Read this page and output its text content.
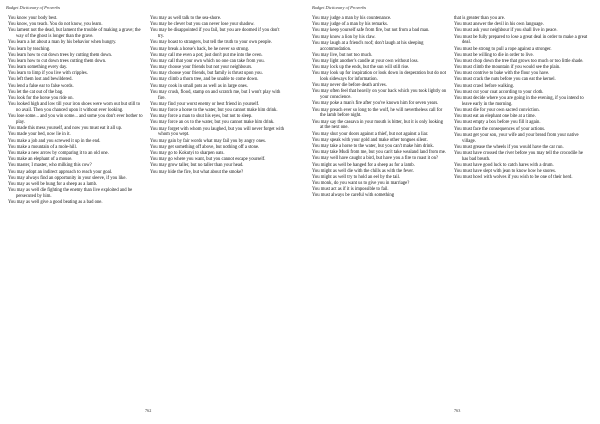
Budget Dictionary of Proverbs

You know your body best.

You know, you teach. You do not know, you learn.

You lament not the dead, but lament the trouble of making a grave; the way of the ghost is longer than the grave.

You learn a lot about a man by his behavior when hungry.

You learn by teaching.

You learn how to cut down trees by cutting them down.

You learn how to cut down trees cutting them down.

You learn something every day.

You learn to limp if you live with cripples.

You left them lost and bewildered.

You lend a false ear to false words.

You let the cat out of the bag.

You look for the horse you ride on.

You looked high and low till your iron shoes were worn out but still to no avail. Then you chanced upon it without ever looking.

You lose some... and you win some... and some you don't ever bother to play.

You made this mess yourself, and now you must eat it all up.

You made your bed, now lie in it.

You make a job and you screwed it up in the end.

You make a mountain of a mole-hill.

You make a new arrow by comparing it to an old one.

You make an elephant of a mouse.

You master, I master, who milking this cow?

You may adopt an indirect approach to reach your goal.

You may always find an opportunity in your sleeve, if you like.

You may as well be hung for a sheep as a lamb.

You may as well die fighting the enemy than live exploited and be persecuted by him.

You may as well give a good beating as a bad one.

You may as well talk to the sea-shore.

You may be clever but you can never lose your shadow.

You may be disappointed if you fail, but you are doomed if you don't try.

You may boast to strangers, but tell the truth to your own people.

You may break a horse's back, be he never so strong.

You may call me even a pot; just don't put me into the oven.

You may call that your own which no one can take from you.

You may choose your friends but not your neighbours.

You may choose your friends, but family is thrust upon you.

You may climb a thorn tree, and be unable to come down.

You may cook in small pots as well as in large ones.

You may crush, flood, stamp on and scratch me, but I won't play with fire.

You may find your worst enemy or best friend in yourself.

You may force a horse to the water, but you cannot make him drink.

You may force a man to shut his eyes, but not to sleep.

You may force an ox to the water, but you cannot make him drink.

You may forget with whom you laughed, but you will never forget with whom you wept.

You may gain by fair words what may fail you by angry ones.

You may get something off above, but nothing off a stone.

You may go to Kokutyi to sharpen oats.

You may go where you want, but you cannot escape yourself.

You may grow taller, but no taller than your head.

You may hide the fire, but what about the smoke?

762
Budget Dictionary of Proverbs

You may judge a man by his countenance.

You may judge of a man by his remarks.

You may keep yourself safe from fire, but not from a bad man.

You may know a lion by his claw.

You may laugh at a friend's roof; don't laugh at his sleeping accommodation.

You may live, but not too much.

You may light another's candle at your own without loss.

You may lock up the ends, but the sun will still rise.

You may look up for inspiration or look down in desperation but do not look sideways for information.

You may never die before death arrives.

You may often feel that heavily on your back which you took lightly on your conscience.

You may poke a man's fire after you've known him for seven years.

You may preach ever so long to the wolf, he will nevertheless call for the lamb before night.

You may say the cassava in your mouth is bitter, but it is only looking at the next one.

You may shut your doors against a thief, but not against a liar.

You may speak with your gold and make other tongues silent.

You may take a horse to the water, but you can't make him drink.

You may take Mudi from me, but you can't take wealand land from me.

You may well have caught a bird, but have you a fire to roast it on?

You might as well be hanged for a sheep as for a lamb.

You might as well die with the chills as with the fever.

You might as well try to hold an eel by the tail.

You monk, do you want us to give you in marriage?

You must act as if it is impossible to fail.

You must always be careful with something

that is greater than you are.

You must answer the devil in his own language.

You must ask your neighbour if you shall live in peace.

You must be fully prepared to lose a great deal in order to make a great deal.

You must be strong to pull a rope against a stronger.

You must be willing to die in order to live.

You must chop down the tree that grows too much or too little shade.

You must climb the mountain if you would see the plain.

You must contrive to bake with the flour you have.

You must crack the nuts before you can eat the kernel.

You must crawl before walking.

You must cut your coat according to your cloth.

You must decide where you are going in the evening, if you intend to leave early in the morning.

You must die for your own sacred conviction.

You must eat an elephant one bite at a time.

You must empty a box before you fill it again.

You must face the consequences of your actions.

You must get your son, your wife and your bread from your native village.

You must grease the wheels if you would have the car run.

You must have crossed the river before you may tell the crocodile he has bad breath.

You must have good luck to catch hares with a drum.

You must have slept with jean to know how he snores.

You must howl with wolves if you wish to be one of their herd.

763
